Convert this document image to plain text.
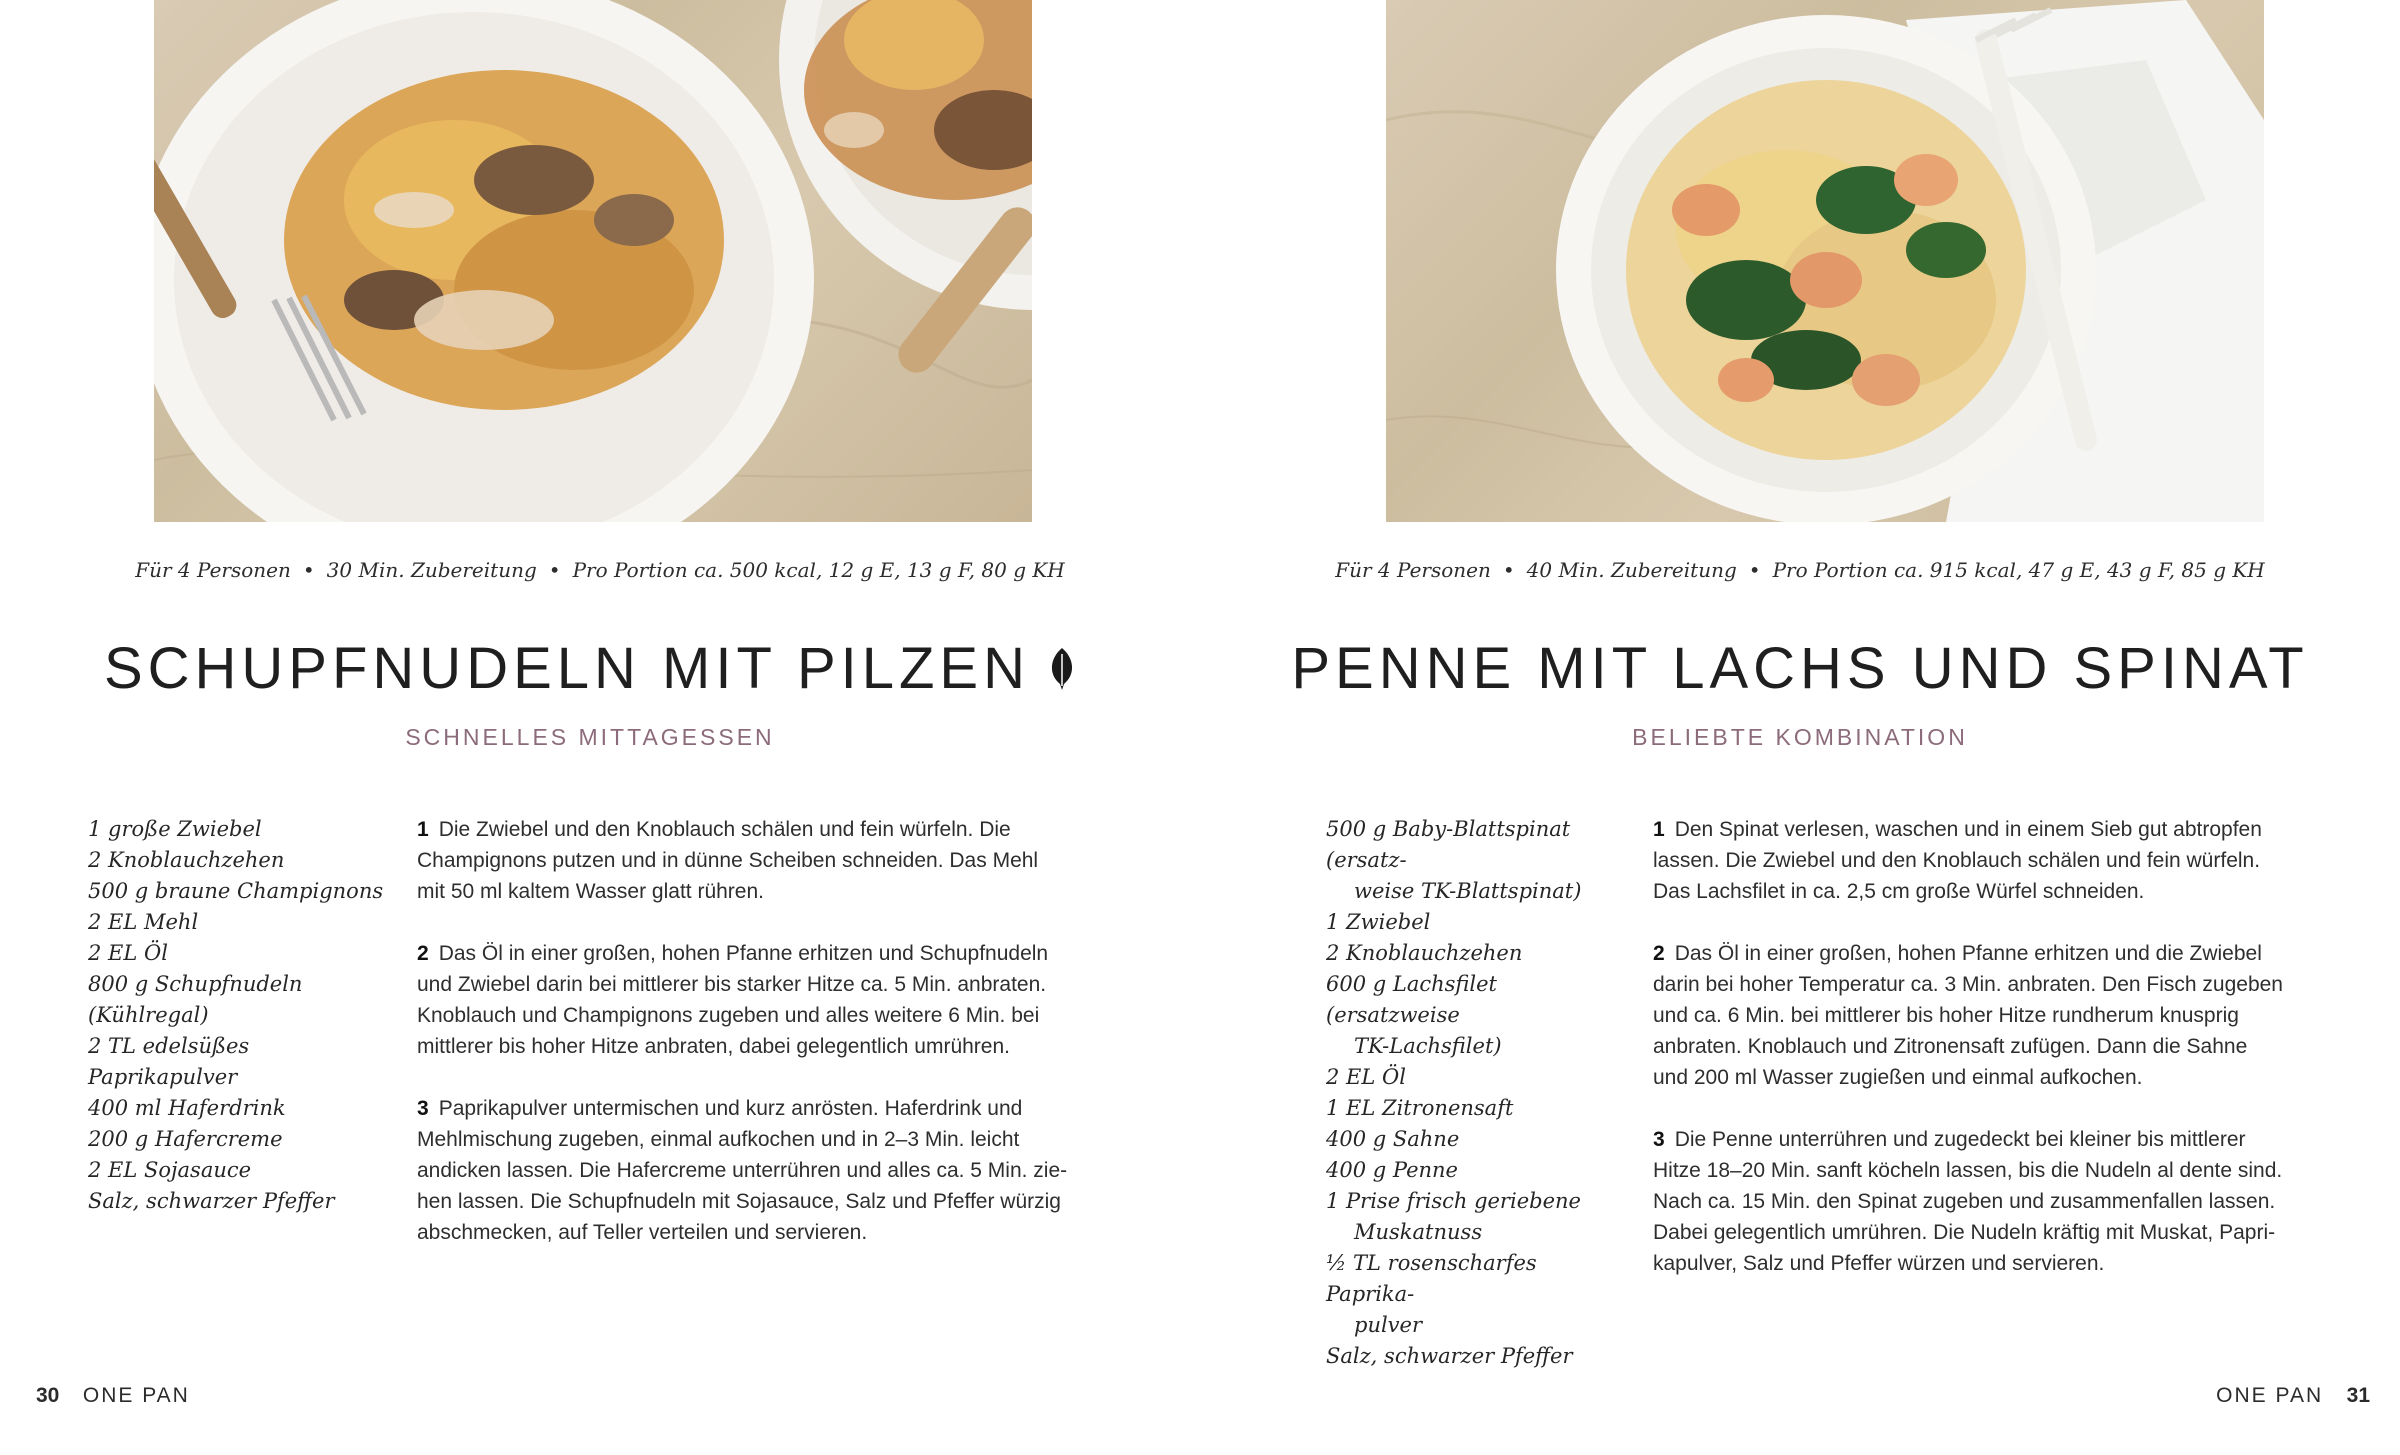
Für 4 Personen • 30 Min. Zubereitung • Pro Portion ca. 500 kcal, 12 g E, 13 g F, 80 g KH
SCHUPFNUDELN MIT PILZEN
SCHNELLES MITTAGESSEN
1 große Zwiebel
2 Knoblauchzehen
500 g braune Champignons
2 EL Mehl
2 EL Öl
800 g Schupfnudeln (Kühlregal)
2 TL edelsüßes Paprikapulver
400 ml Haferdrink
200 g Hafercreme
2 EL Sojasauce
Salz, schwarzer Pfeffer
1 Die Zwiebel und den Knoblauch schälen und fein würfeln. Die
Champignons putzen und in dünne Scheiben schneiden. Das Mehl
mit 50 ml kaltem Wasser glatt rühren.
2 Das Öl in einer großen, hohen Pfanne erhitzen und Schupfnudeln
und Zwiebel darin bei mittlerer bis starker Hitze ca. 5 Min. anbraten.
Knoblauch und Champignons zugeben und alles weitere 6 Min. bei
mittlerer bis hoher Hitze anbraten, dabei gelegentlich umrühren.
3 Paprikapulver untermischen und kurz anrösten. Haferdrink und
Mehlmischung zugeben, einmal aufkochen und in 2–3 Min. leicht
andicken lassen. Die Hafercreme unterrühren und alles ca. 5 Min. zie-
hen lassen. Die Schupfnudeln mit Sojasauce, Salz und Pfeffer würzig
abschmecken, auf Teller verteilen und servieren.
30 ONE PAN
Für 4 Personen • 40 Min. Zubereitung • Pro Portion ca. 915 kcal, 47 g E, 43 g F, 85 g KH
PENNE MIT LACHS UND SPINAT
BELIEBTE KOMBINATION
500 g Baby-Blattspinat (ersatz-
weise TK-Blattspinat)
1 Zwiebel
2 Knoblauchzehen
600 g Lachsfilet (ersatzweise
TK-Lachsfilet)
2 EL Öl
1 EL Zitronensaft
400 g Sahne
400 g Penne
1 Prise frisch geriebene
Muskatnuss
½ TL rosenscharfes Paprika-
pulver
Salz, schwarzer Pfeffer
1 Den Spinat verlesen, waschen und in einem Sieb gut abtropfen
lassen. Die Zwiebel und den Knoblauch schälen und fein würfeln.
Das Lachsfilet in ca. 2,5 cm große Würfel schneiden.
2 Das Öl in einer großen, hohen Pfanne erhitzen und die Zwiebel
darin bei hoher Temperatur ca. 3 Min. anbraten. Den Fisch zugeben
und ca. 6 Min. bei mittlerer bis hoher Hitze rundherum knusprig
anbraten. Knoblauch und Zitronensaft zufügen. Dann die Sahne
und 200 ml Wasser zugießen und einmal aufkochen.
3 Die Penne unterrühren und zugedeckt bei kleiner bis mittlerer
Hitze 18–20 Min. sanft köcheln lassen, bis die Nudeln al dente sind.
Nach ca. 15 Min. den Spinat zugeben und zusammenfallen lassen.
Dabei gelegentlich umrühren. Die Nudeln kräftig mit Muskat, Papri-
kapulver, Salz und Pfeffer würzen und servieren.
ONE PAN 31
